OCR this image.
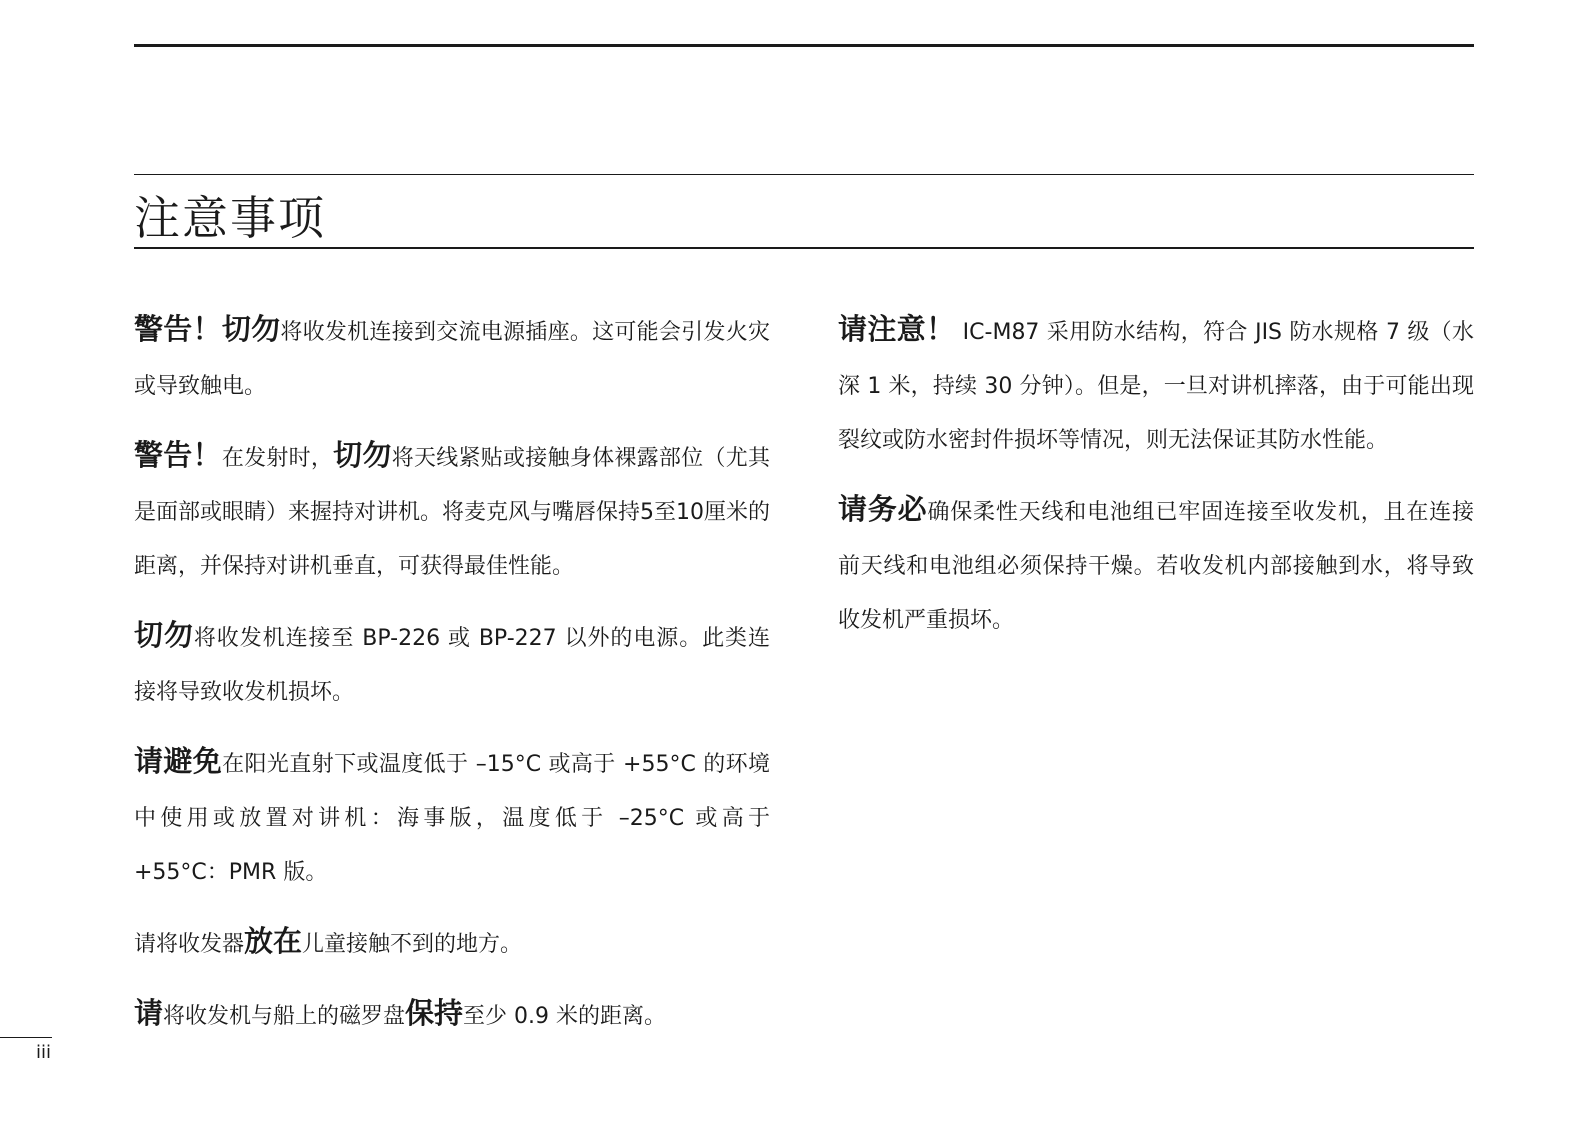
注意事项

警告！切勿将收发机连接到交流电源插座。这可能会引发火灾或导致触电。

警告！在发射时，切勿将天线紧贴或接触身体裸露部位（尤其是面部或眼睛）来握持对讲机。将麦克风与嘴唇保持5至10厘米的距离，并保持对讲机垂直，可获得最佳性能。

切勿将收发机连接至 BP-226 或 BP-227 以外的电源。此类连接将导致收发机损坏。

请避免在阳光直射下或温度低于 –15°C 或高于 +55°C 的环境中使用或放置对讲机：海事版，温度低于 –25°C 或高于 +55°C：PMR 版。

请将收发器放在儿童接触不到的地方。

请将收发机与船上的磁罗盘保持至少 0.9 米的距离。

请注意！ IC-M87 采用防水结构，符合 JIS 防水规格 7 级（水深 1 米，持续 30 分钟）。但是，一旦对讲机摔落，由于可能出现裂纹或防水密封件损坏等情况，则无法保证其防水性能。

请务必确保柔性天线和电池组已牢固连接至收发机，且在连接前天线和电池组必须保持干燥。若收发机内部接触到水，将导致收发机严重损坏。

iii
